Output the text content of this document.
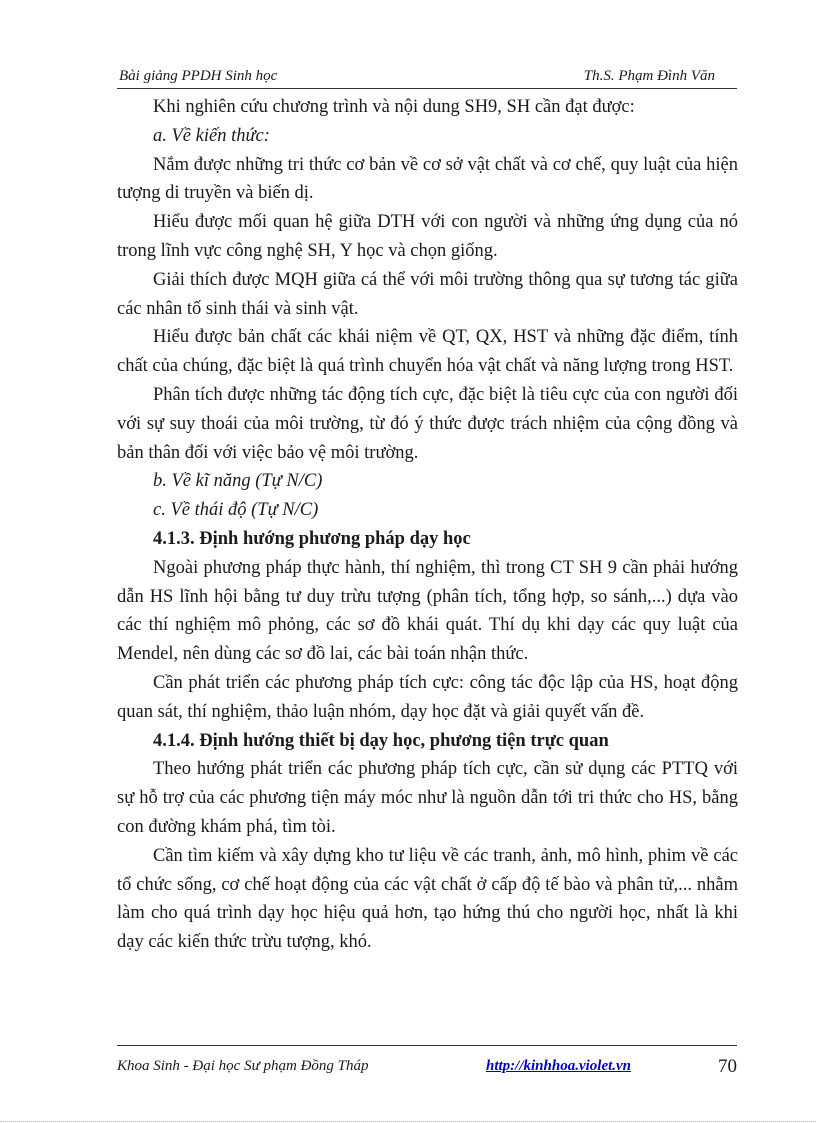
Bài giảng PPDH Sinh học	Th.S. Phạm Đình Văn

Khi nghiên cứu chương trình và nội dung SH9, SH cần đạt được:

a. Về kiến thức:

Nắm được những tri thức cơ bản về cơ sở vật chất và cơ chế, quy luật của hiện tượng di truyền và biến dị.

Hiểu được mối quan hệ giữa DTH với con người và những ứng dụng của nó trong lĩnh vực công nghệ SH, Y học và chọn giống.

Giải thích được MQH giữa cá thể với môi trường thông qua sự tương tác giữa các nhân tố sinh thái và sinh vật.

Hiểu được bản chất các khái niệm về QT, QX, HST và những đặc điểm, tính chất của chúng, đặc biệt là quá trình chuyển hóa vật chất và năng lượng trong HST.

Phân tích được những tác động tích cực, đặc biệt là tiêu cực của con người đối với sự suy thoái của môi trường, từ đó ý thức được trách nhiệm của cộng đồng và bản thân đối với việc bảo vệ môi trường.

b. Về kĩ năng (Tự N/C)

c. Về thái độ (Tự N/C)

4.1.3. Định hướng phương pháp dạy học

Ngoài phương pháp thực hành, thí nghiệm, thì trong CT SH 9 cần phải hướng dẫn HS lĩnh hội bằng tư duy trừu tượng (phân tích, tổng hợp, so sánh,...) dựa vào các thí nghiệm mô phỏng, các sơ đồ khái quát. Thí dụ khi dạy các quy luật của Mendel, nên dùng các sơ đồ lai, các bài toán nhận thức.

Cần phát triển các phương pháp tích cực: công tác độc lập của HS, hoạt động quan sát, thí nghiệm, thảo luận nhóm, dạy học đặt và giải quyết vấn đề.

4.1.4. Định hướng thiết bị dạy học, phương tiện trực quan

Theo hướng phát triển các phương pháp tích cực, cần sử dụng các PTTQ với sự hỗ trợ của các phương tiện máy móc như là nguồn dẫn tới tri thức cho HS, bằng con đường khám phá, tìm tòi.

Cần tìm kiếm và xây dựng kho tư liệu về các tranh, ảnh, mô hình, phim về các tổ chức sống, cơ chế hoạt động của các vật chất ở cấp độ tế bào và phân tử,... nhằm làm cho quá trình dạy học hiệu quả hơn, tạo hứng thú cho người học, nhất là khi dạy các kiến thức trừu tượng, khó.

Khoa Sinh - Đại học Sư phạm Đồng Tháp	http://kinhhoa.violet.vn	70
